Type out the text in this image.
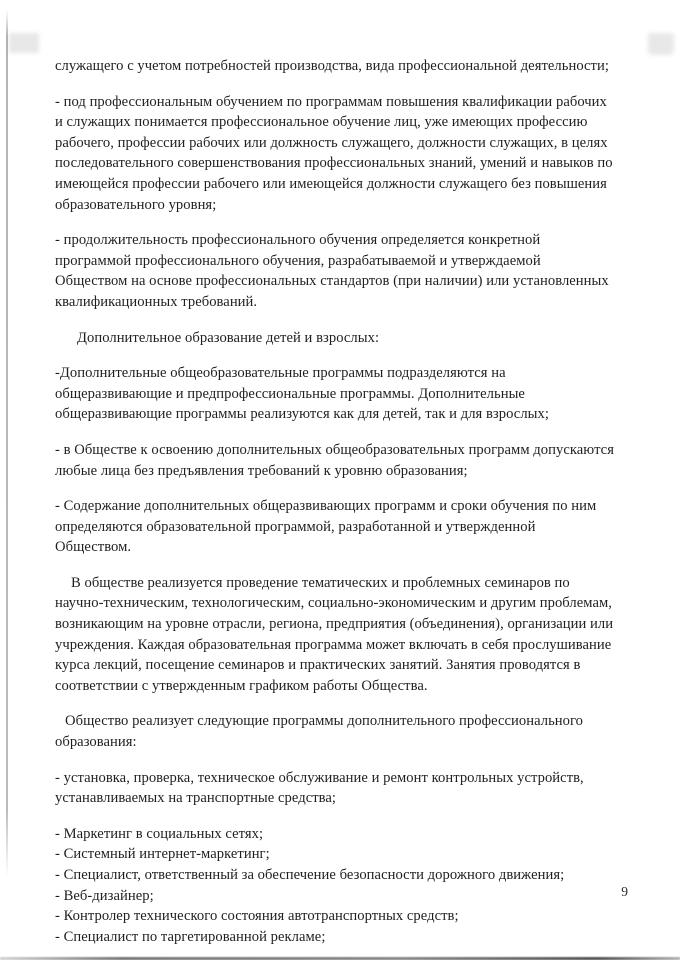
служащего с учетом потребностей производства, вида профессиональной деятельности;

- под профессиональным обучением по программам повышения квалификации рабочих и служащих понимается профессиональное обучение лиц, уже имеющих профессию рабочего, профессии рабочих или должность служащего, должности служащих, в целях последовательного совершенствования профессиональных знаний, умений и навыков по имеющейся профессии рабочего или имеющейся должности служащего без повышения образовательного уровня;

- продолжительность профессионального обучения определяется конкретной программой профессионального обучения, разрабатываемой и утверждаемой Обществом на основе профессиональных стандартов (при наличии) или установленных квалификационных требований.

Дополнительное образование детей и взрослых:

-Дополнительные общеобразовательные программы подразделяются на общеразвивающие и предпрофессиональные программы. Дополнительные общеразвивающие программы реализуются как для детей, так и для взрослых;

- в Обществе к освоению дополнительных общеобразовательных программ допускаются любые лица без предъявления требований к уровню образования;

- Содержание дополнительных общеразвивающих программ и сроки обучения по ним определяются образовательной программой, разработанной и утвержденной Обществом.

В обществе реализуется проведение тематических и проблемных семинаров по научно-техническим, технологическим, социально-экономическим и другим проблемам, возникающим на уровне отрасли, региона, предприятия (объединения), организации или учреждения. Каждая образовательная программа может включать в себя прослушивание курса лекций, посещение семинаров и практических занятий. Занятия проводятся в соответствии с утвержденным графиком работы Общества.

Общество реализует следующие программы дополнительного профессионального образования:

- установка, проверка, техническое обслуживание и ремонт контрольных устройств, устанавливаемых на транспортные средства;

- Маркетинг в социальных сетях;

- Системный интернет-маркетинг;

- Специалист, ответственный за обеспечение безопасности дорожного движения;

- Веб-дизайнер;

- Контролер технического состояния автотранспортных средств;

- Специалист по таргетированной рекламе;

9
